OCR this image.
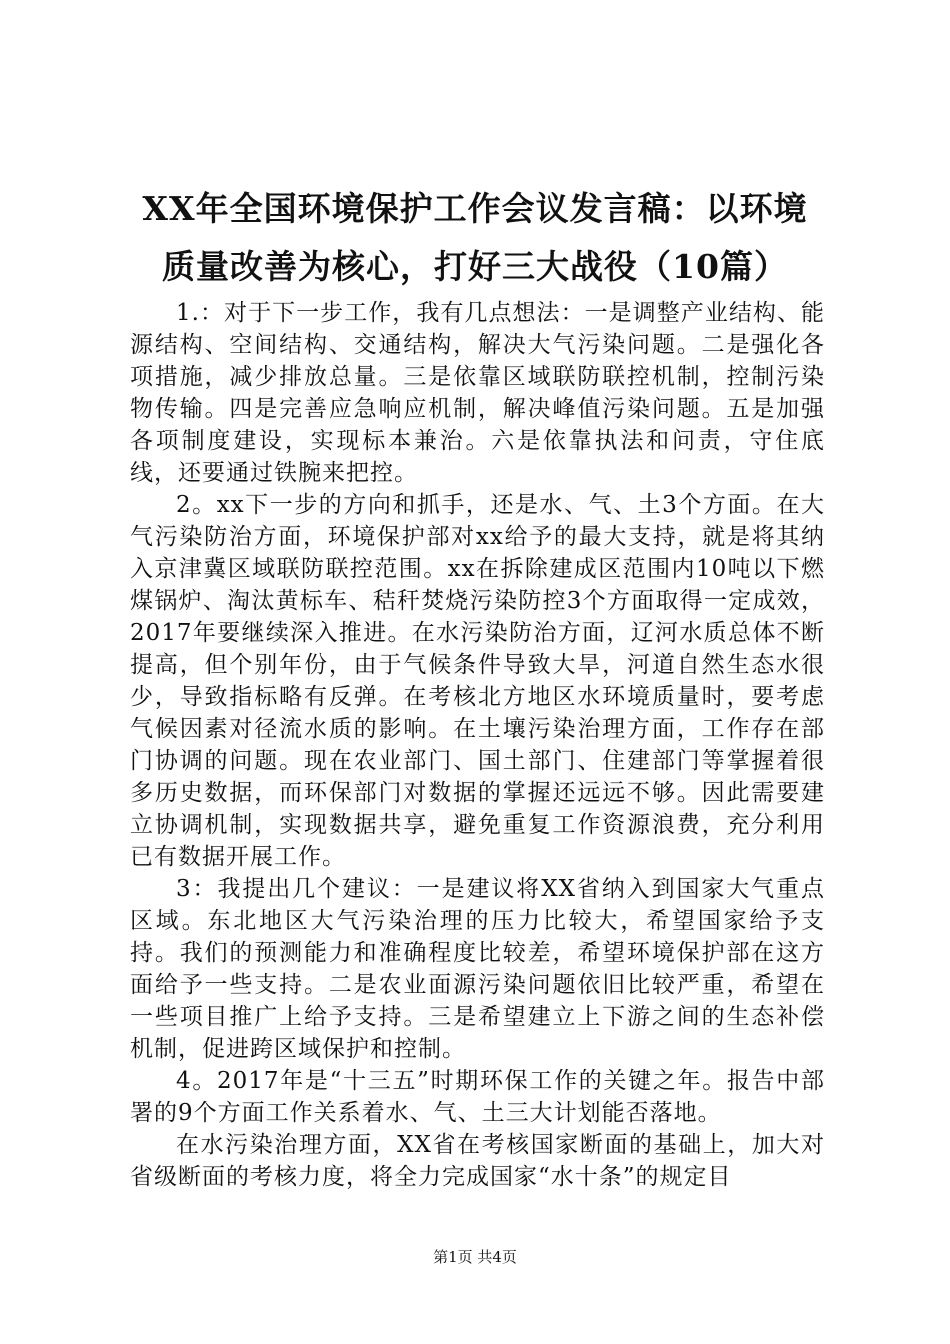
XX年全国环境保护工作会议发言稿：以环境
质量改善为核心，打好三大战役（10篇）

1.：对于下一步工作，我有几点想法：一是调整产业结构、能源结构、空间结构、交通结构，解决大气污染问题。二是强化各项措施，减少排放总量。三是依靠区域联防联控机制，控制污染物传输。四是完善应急响应机制，解决峰值污染问题。五是加强各项制度建设，实现标本兼治。六是依靠执法和问责，守住底线，还要通过铁腕来把控。

2。xx下一步的方向和抓手，还是水、气、土3个方面。在大气污染防治方面，环境保护部对xx给予的最大支持，就是将其纳入京津冀区域联防联控范围。xx在拆除建成区范围内10吨以下燃煤锅炉、淘汰黄标车、秸秆焚烧污染防控3个方面取得一定成效，2017年要继续深入推进。在水污染防治方面，辽河水质总体不断提高，但个别年份，由于气候条件导致大旱，河道自然生态水很少，导致指标略有反弹。在考核北方地区水环境质量时，要考虑气候因素对径流水质的影响。在土壤污染治理方面，工作存在部门协调的问题。现在农业部门、国土部门、住建部门等掌握着很多历史数据，而环保部门对数据的掌握还远远不够。因此需要建立协调机制，实现数据共享，避免重复工作资源浪费，充分利用已有数据开展工作。

3：我提出几个建议：一是建议将XX省纳入到国家大气重点区域。东北地区大气污染治理的压力比较大，希望国家给予支持。我们的预测能力和准确程度比较差，希望环境保护部在这方面给予一些支持。二是农业面源污染问题依旧比较严重，希望在一些项目推广上给予支持。三是希望建立上下游之间的生态补偿机制，促进跨区域保护和控制。

4。2017年是“十三五”时期环保工作的关键之年。报告中部署的9个方面工作关系着水、气、土三大计划能否落地。

在水污染治理方面，XX省在考核国家断面的基础上，加大对省级断面的考核力度，将全力完成国家“水十条”的规定目

第1页 共4页
